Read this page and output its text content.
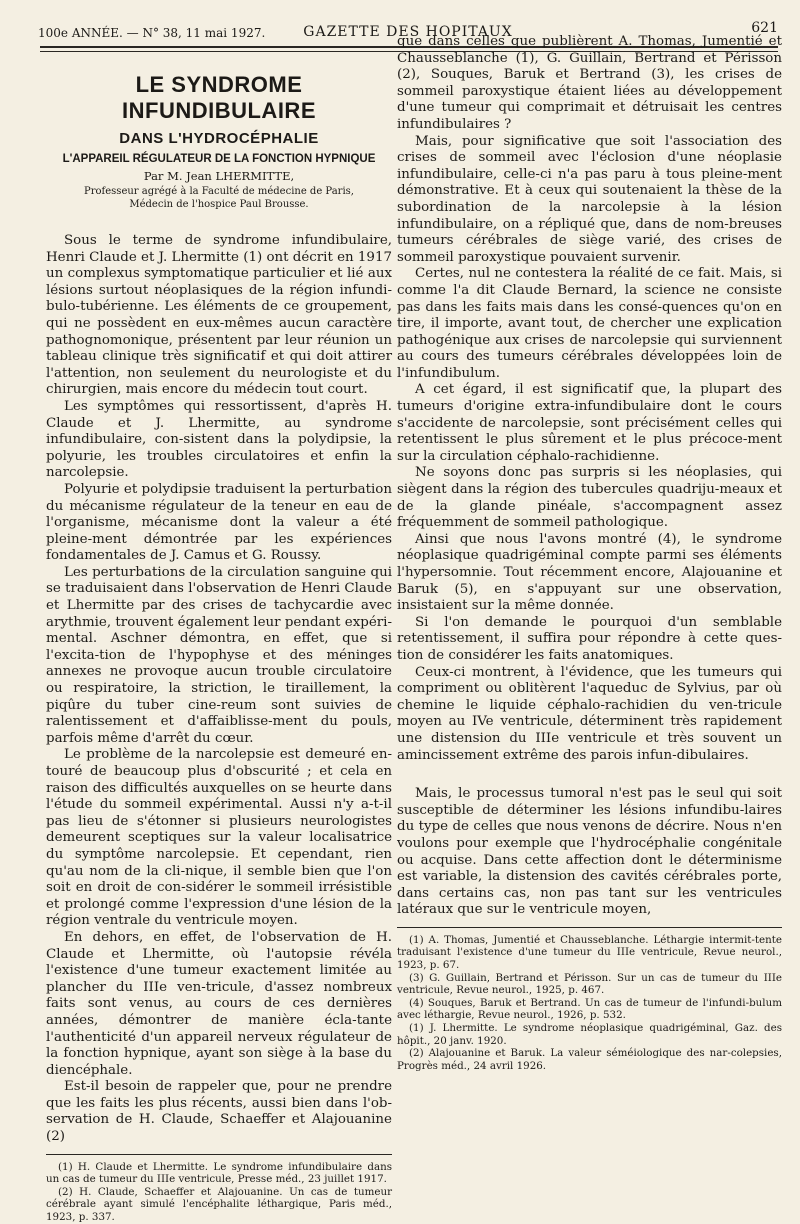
100e ANNÉE. — N° 38, 11 mai 1927.	GAZETTE DES HOPITAUX	621
LE SYNDROME INFUNDIBULAIRE
DANS L'HYDROCÉPHALIE
L'APPAREIL RÉGULATEUR DE LA FONCTION HYPNIQUE
Par M. Jean LHERMITTE,

Professeur agrégé à la Faculté de médecine de Paris,

Médecin de l'hospice Paul Brousse.

Sous le terme de syndrome infundibulaire, Henri Claude et J. Lhermitte (1) ont décrit en 1917 un complexus symptomatique particulier et lié aux lésions surtout néoplasiques de la région infundi-bulo-tubérienne. Les éléments de ce groupement, qui ne possèdent en eux-mêmes aucun caractère pathognomonique, présentent par leur réunion un tableau clinique très significatif et qui doit attirer l'attention, non seulement du neurologiste et du chirurgien, mais encore du médecin tout court.

Les symptômes qui ressortissent, d'après H. Claude et J. Lhermitte, au syndrome infundibulaire, con-sistent dans la polydipsie, la polyurie, les troubles circulatoires et enfin la narcolepsie.

Polyurie et polydipsie traduisent la perturbation du mécanisme régulateur de la teneur en eau de l'organisme, mécanisme dont la valeur a été pleine-ment démontrée par les expériences fondamentales de J. Camus et G. Roussy.

Les perturbations de la circulation sanguine qui se traduisaient dans l'observation de Henri Claude et Lhermitte par des crises de tachycardie avec arythmie, trouvent également leur pendant expéri-mental. Aschner démontra, en effet, que si l'excita-tion de l'hypophyse et des méninges annexes ne provoque aucun trouble circulatoire ou respiratoire, la striction, le tiraillement, la piqûre du tuber cine-reum sont suivies de ralentissement et d'affaiblisse-ment du pouls, parfois même d'arrêt du cœur.

Le problème de la narcolepsie est demeuré en-touré de beaucoup plus d'obscurité ; et cela en raison des difficultés auxquelles on se heurte dans l'étude du sommeil expérimental. Aussi n'y a-t-il pas lieu de s'étonner si plusieurs neurologistes demeurent sceptiques sur la valeur localisatrice du symptôme narcolepsie. Et cependant, rien qu'au nom de la cli-nique, il semble bien que l'on soit en droit de con-sidérer le sommeil irrésistible et prolongé comme l'expression d'une lésion de la région ventrale du ventricule moyen.

En dehors, en effet, de l'observation de H. Claude et Lhermitte, où l'autopsie révéla l'existence d'une tumeur exactement limitée au plancher du IIIe ven-tricule, d'assez nombreux faits sont venus, au cours de ces dernières années, démontrer de manière écla-tante l'authenticité d'un appareil nerveux régulateur de la fonction hypnique, ayant son siège à la base du diencéphale.

Est-il besoin de rappeler que, pour ne prendre que les faits les plus récents, aussi bien dans l'ob-servation de H. Claude, Schaeffer et Alajouanine (2)

(1) H. Claude et Lhermitte. Le syndrome infundibulaire dans un cas de tumeur du IIIe ventricule, Presse méd., 23 juillet 1917.

(2) H. Claude, Schaeffer et Alajouanine. Un cas de tumeur cérébrale ayant simulé l'encéphalite léthargique, Paris méd., 1923, p. 337.

que dans celles que publièrent A. Thomas, Jumentié et Chausseblanche (1), G. Guillain, Bertrand et Périsson (2), Souques, Baruk et Bertrand (3), les crises de sommeil paroxystique étaient liées au développement d'une tumeur qui comprimait et détruisait les centres infundibulaires ?

Mais, pour significative que soit l'association des crises de sommeil avec l'éclosion d'une néoplasie infundibulaire, celle-ci n'a pas paru à tous pleine-ment démonstrative. Et à ceux qui soutenaient la thèse de la subordination de la narcolepsie à la lésion infundibulaire, on a répliqué que, dans de nom-breuses tumeurs cérébrales de siège varié, des crises de sommeil paroxystique pouvaient survenir.

Certes, nul ne contestera la réalité de ce fait. Mais, si comme l'a dit Claude Bernard, la science ne consiste pas dans les faits mais dans les consé-quences qu'on en tire, il importe, avant tout, de chercher une explication pathogénique aux crises de narcolepsie qui surviennent au cours des tumeurs cérébrales développées loin de l'infundibulum.

A cet égard, il est significatif que, la plupart des tumeurs d'origine extra-infundibulaire dont le cours s'accidente de narcolepsie, sont précisément celles qui retentissent le plus sûrement et le plus précoce-ment sur la circulation céphalo-rachidienne.

Ne soyons donc pas surpris si les néoplasies, qui siègent dans la région des tubercules quadriju-meaux et de la glande pinéale, s'accompagnent assez fréquemment de sommeil pathologique.

Ainsi que nous l'avons montré (4), le syndrome néoplasique quadrigéminal compte parmi ses éléments l'hypersomnie. Tout récemment encore, Alajouanine et Baruk (5), en s'appuyant sur une observation, insistaient sur la même donnée.

Si l'on demande le pourquoi d'un semblable retentissement, il suffira pour répondre à cette ques-tion de considérer les faits anatomiques.

Ceux-ci montrent, à l'évidence, que les tumeurs qui compriment ou oblitèrent l'aqueduc de Sylvius, par où chemine le liquide céphalo-rachidien du ven-tricule moyen au IVe ventricule, déterminent très rapidement une distension du IIIe ventricule et très souvent un amincissement extrême des parois infun-dibulaires.

Mais, le processus tumoral n'est pas le seul qui soit susceptible de déterminer les lésions infundibu-laires du type de celles que nous venons de décrire. Nous n'en voulons pour exemple que l'hydrocéphalie congénitale ou acquise. Dans cette affection dont le déterminisme est variable, la distension des cavités cérébrales porte, dans certains cas, non pas tant sur les ventricules latéraux que sur le ventricule moyen,

(1) A. Thomas, Jumentié et Chausseblanche. Léthargie intermit-tente traduisant l'existence d'une tumeur du IIIe ventricule, Revue neurol., 1923, p. 67.

(3) G. Guillain, Bertrand et Périsson. Sur un cas de tumeur du IIIe ventricule, Revue neurol., 1925, p. 467.

(4) Souques, Baruk et Bertrand. Un cas de tumeur de l'infundi-bulum avec léthargie, Revue neurol., 1926, p. 532.

(1) J. Lhermitte. Le syndrome néoplasique quadrigéminal, Gaz. des hôpit., 20 janv. 1920.

(2) Alajouanine et Baruk. La valeur séméiologique des nar-colepsies, Progrès méd., 24 avril 1926.
